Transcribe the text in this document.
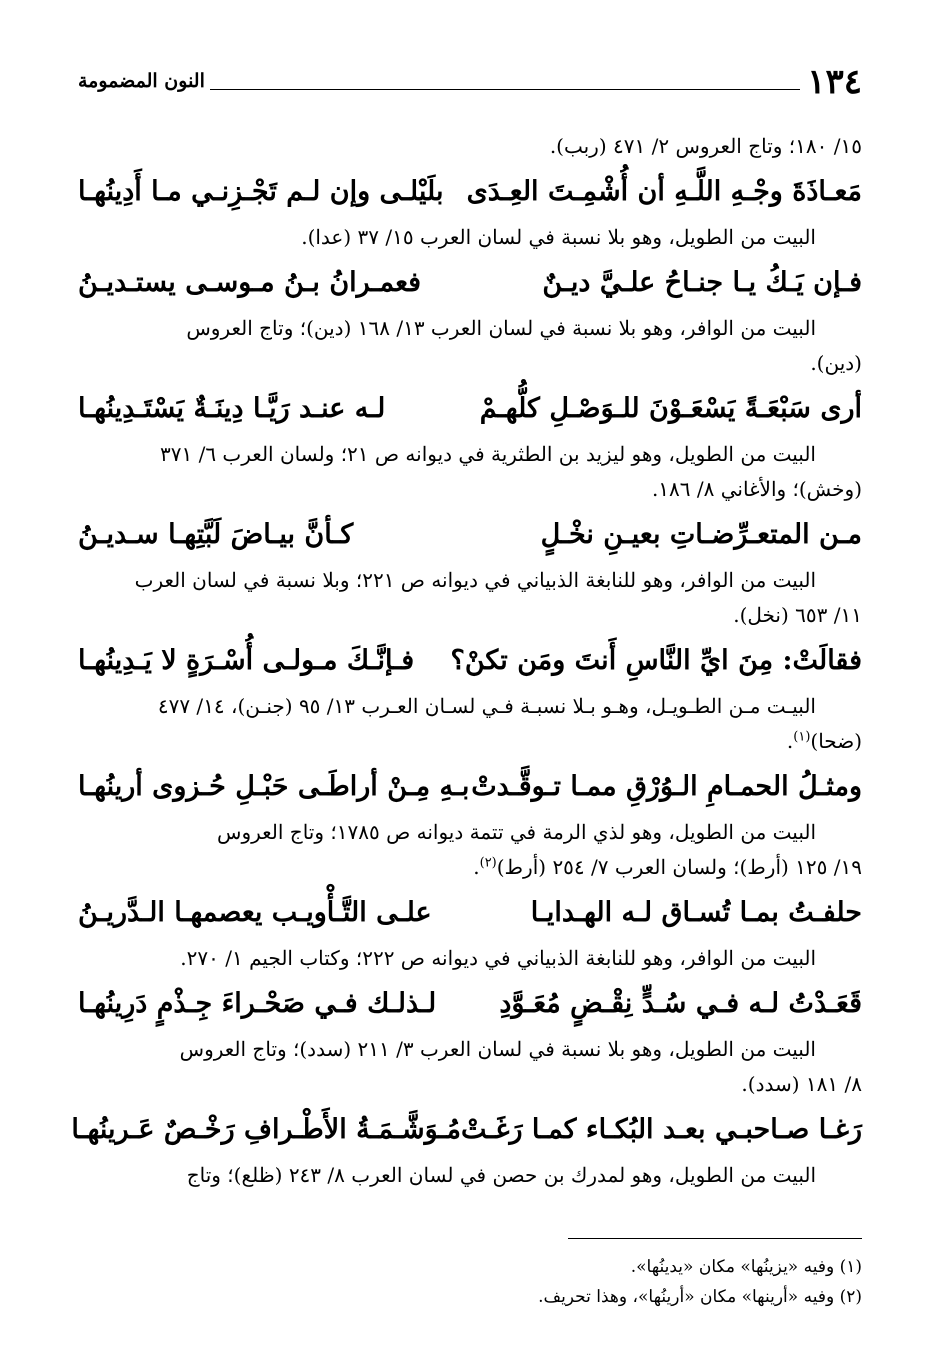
١٣٤
النون المضمومة

١٥/ ١٨٠؛ وتاج العروس ٢/ ٤٧١ (ربب).

مَعـاذَةَ وجْـهِ اللَّـهِ أن أُشْمِـتَ العِـدَى
بلَيْلـى وإن لـم تَجْـزِنـي مـا أَدِينُهـا

البيت من الطويل، وهو بلا نسبة في لسان العرب ١٥/ ٣٧ (عدا).

فـإن يَـكُ يـا جنـاحُ علـيَّ ديـنٌ
فعمـرانُ بـنُ مـوسـى يستـديـنُ

البيت من الوافر، وهو بلا نسبة في لسان العرب ١٣/ ١٦٨ (دين)؛ وتاج العروس

(دين).

أرى سَبْعَـةً يَسْعَـوْنَ للـوَصْـلِ كلُّهـمْ
لـه عنـد رَيَّـا دِينَـةٌ يَسْتَـدِينُهـا

البيت من الطويل، وهو ليزيد بن الطثرية في ديوانه ص ٢١؛ ولسان العرب ٦/ ٣٧١

(وخش)؛ والأغاني ٨/ ١٨٦.

مـن المتعـرِّضـاتِ بعيـنِ نخْـلٍ
كـأنَّ بيـاضَ لَبَّتِهـا سـديـنُ

البيت من الوافر، وهو للنابغة الذبياني في ديوانه ص ٢٢١؛ وبلا نسبة في لسان العرب

١١/ ٦٥٣ (نخل).

فقالَتْ: مِنَ ايِّ النَّاسِ أَنتَ ومَن تكنْ؟
فـإنَّـكَ مـولـى أُسْـرَةٍ لا يَـدِينُهـا

البيـت مـن الطـويـل، وهـو بـلا نسبـة فـي لسـان العـرب ١٣/ ٩٥ (جنـن)، ١٤/ ٤٧٧

(ضحا)$^{(١)}$.

ومثـلُ الحمـامِ الـوُرْقِ ممـا تـوقَّـدتْ
بـهِ مِـنْ أراطَـى حَبْـلِ حُـزوى أرينُهـا

البيت من الطويل، وهو لذي الرمة في تتمة ديوانه ص ١٧٨٥؛ وتاج العروس

١٩/ ١٢٥ (أرط)؛ ولسان العرب ٧/ ٢٥٤ (أرط)$^{(٢)}$.

حلفـتُ بمـا تُسـاق لـه الهـدايـا
علـى التَّـأْويـب يعصمهـا الـدَّريـنُ

البيت من الوافر، وهو للنابغة الذبياني في ديوانه ص ٢٢٢؛ وكتاب الجيم ١/ ٢٧٠.

قَعَـدْتُ لـه فـي سُـدٍّ نِقْـضٍ مُعَـوَّدِ
لـذلـك فـي صَحْـراءَ جِـذْمٍ دَرِينُهـا

البيت من الطويل، وهو بلا نسبة في لسان العرب ٣/ ٢١١ (سدد)؛ وتاج العروس

٨/ ١٨١ (سدد).

رَغـا صـاحبـي بعـد البُكـاء كمـا رَغَـتْ
مُـوَشَّـمَـةُ الأَطْـرافِ رَخْـصٌ عَـرينُهـا

البيت من الطويل، وهو لمدرك بن حصن في لسان العرب ٨/ ٢٤٣ (ظلع)؛ وتاج

(١) وفيه «يزينُها» مكان «يدينُها».

(٢) وفيه «أرينها» مكان «أرينُها»، وهذا تحريف.
